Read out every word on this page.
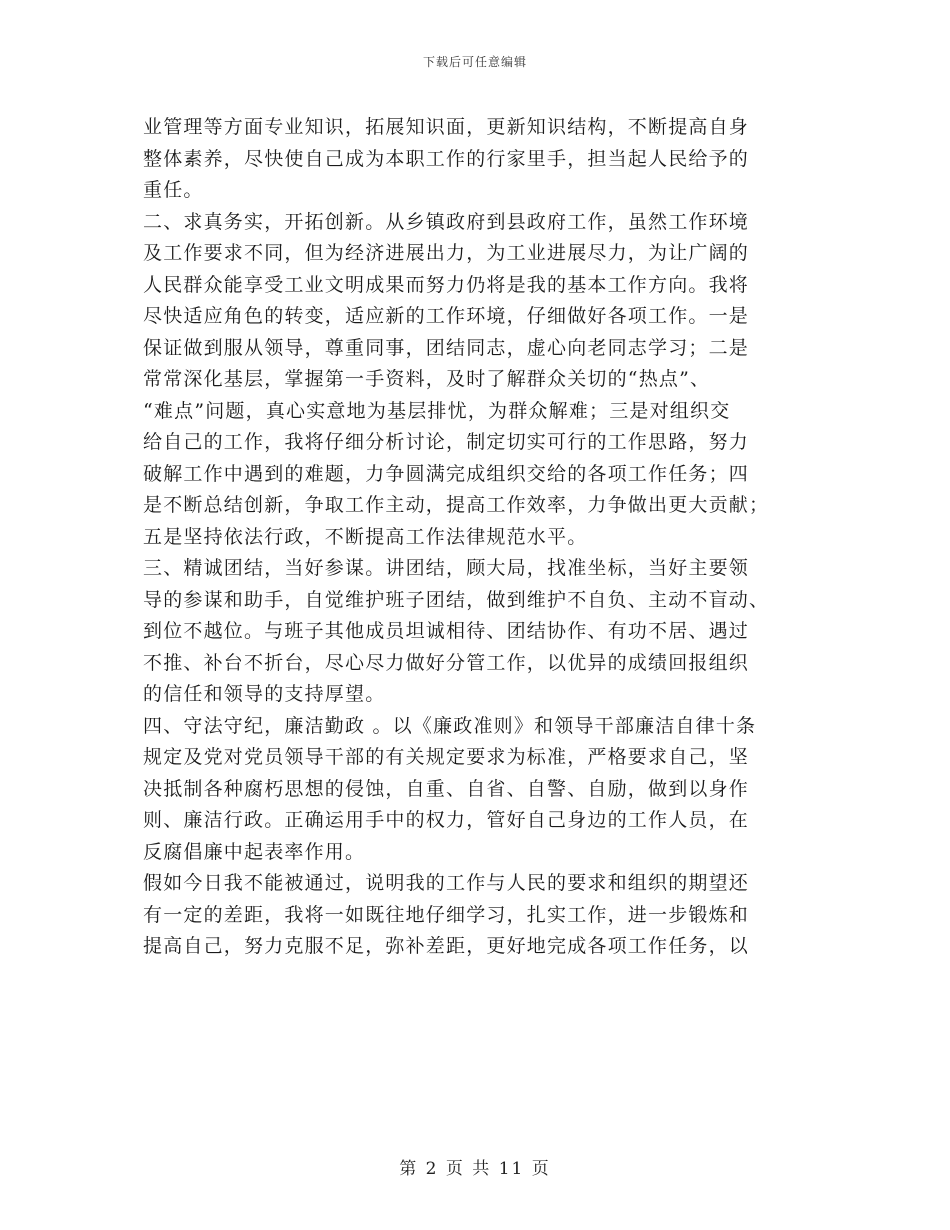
下载后可任意编辑

业管理等方面专业知识，拓展知识面，更新知识结构，不断提高自身
整体素养，尽快使自己成为本职工作的行家里手，担当起人民给予的
重任。

二、求真务实，开拓创新。从乡镇政府到县政府工作，虽然工作环境
及工作要求不同，但为经济进展出力，为工业进展尽力，为让广阔的
人民群众能享受工业文明成果而努力仍将是我的基本工作方向。我将
尽快适应角色的转变，适应新的工作环境，仔细做好各项工作。一是
保证做到服从领导，尊重同事，团结同志，虚心向老同志学习；二是
常常深化基层，掌握第一手资料，及时了解群众关切的“热点”、
“难点”问题，真心实意地为基层排忧，为群众解难；三是对组织交
给自己的工作，我将仔细分析讨论，制定切实可行的工作思路，努力
破解工作中遇到的难题，力争圆满完成组织交给的各项工作任务；四
是不断总结创新，争取工作主动，提高工作效率，力争做出更大贡献；
五是坚持依法行政，不断提高工作法律规范水平。

三、精诚团结，当好参谋。讲团结，顾大局，找准坐标，当好主要领
导的参谋和助手，自觉维护班子团结，做到维护不自负、主动不盲动、
到位不越位。与班子其他成员坦诚相待、团结协作、有功不居、遇过
不推、补台不折台，尽心尽力做好分管工作，以优异的成绩回报组织
的信任和领导的支持厚望。

四、守法守纪，廉洁勤政 。以《廉政准则》和领导干部廉洁自律十条
规定及党对党员领导干部的有关规定要求为标准，严格要求自己，坚
决抵制各种腐朽思想的侵蚀，自重、自省、自警、自励，做到以身作
则、廉洁行政。正确运用手中的权力，管好自己身边的工作人员，在
反腐倡廉中起表率作用。

假如今日我不能被通过，说明我的工作与人民的要求和组织的期望还
有一定的差距，我将一如既往地仔细学习，扎实工作，进一步锻炼和
提高自己，努力克服不足，弥补差距，更好地完成各项工作任务，以

第 2 页 共 11 页
